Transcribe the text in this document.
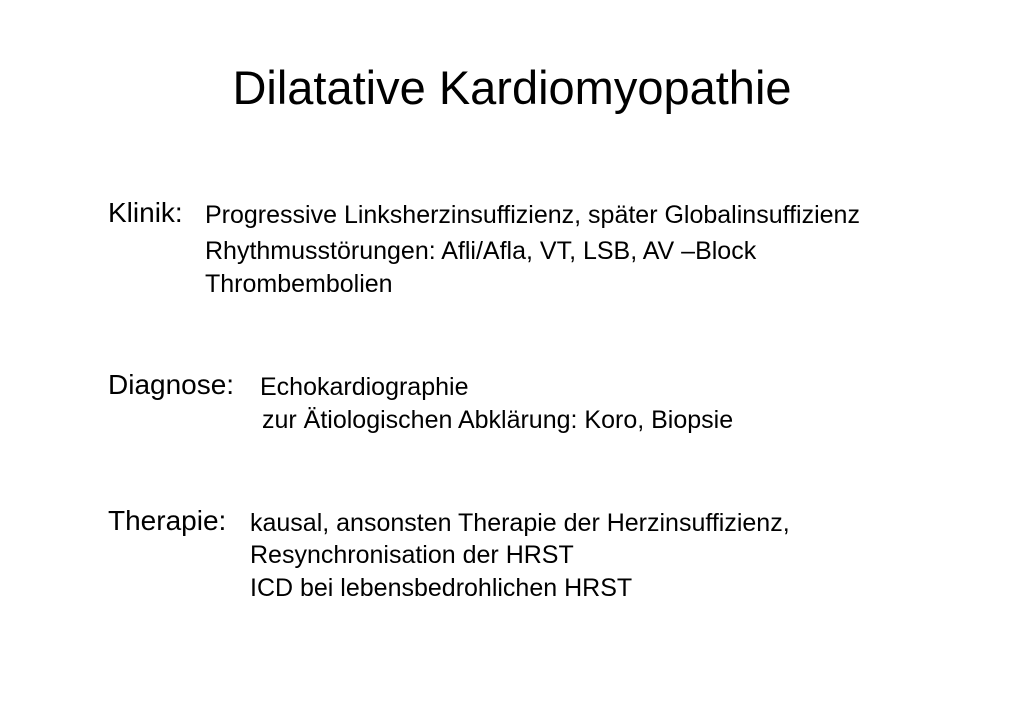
Dilatative Kardiomyopathie
Klinik: Progressive Linksherzinsuffizienz, später Globalinsuffizienz
Rhythmusstörungen: Afli/Afla, VT, LSB, AV –Block
Thrombembolien
Diagnose: Echokardiographie
zur Ätiologischen Abklärung: Koro, Biopsie
Therapie: kausal, ansonsten Therapie der Herzinsuffizienz,
Resynchronisation der HRST
ICD bei lebensbedrohlichen HRST
